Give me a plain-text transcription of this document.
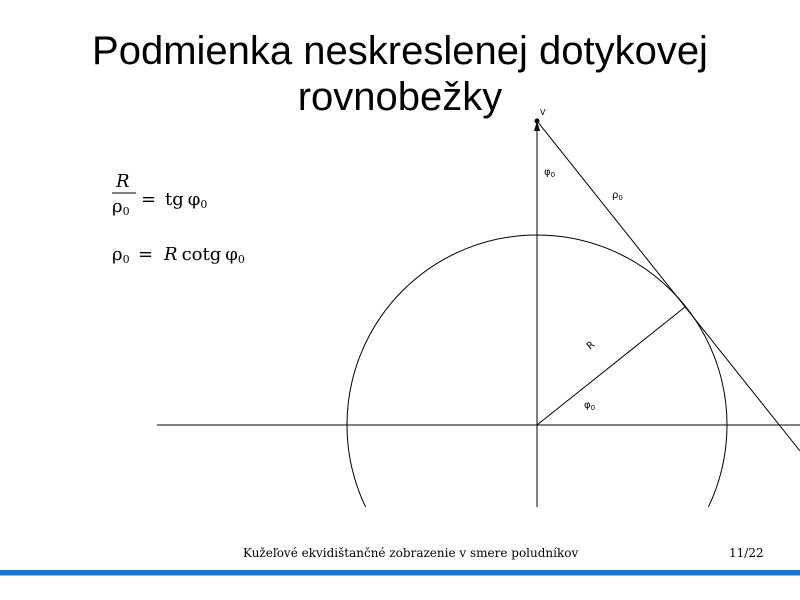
Podmienka neskreslenej dotykovej
rovnobežky
R
ρ0
= tg φ0
ρ0 = R cotg φ0
V
$\varphi_0$
$\rho_0$
R
$\varphi_0$
Kužeľové ekvidištančné zobrazenie v smere poludníkov	11/22
